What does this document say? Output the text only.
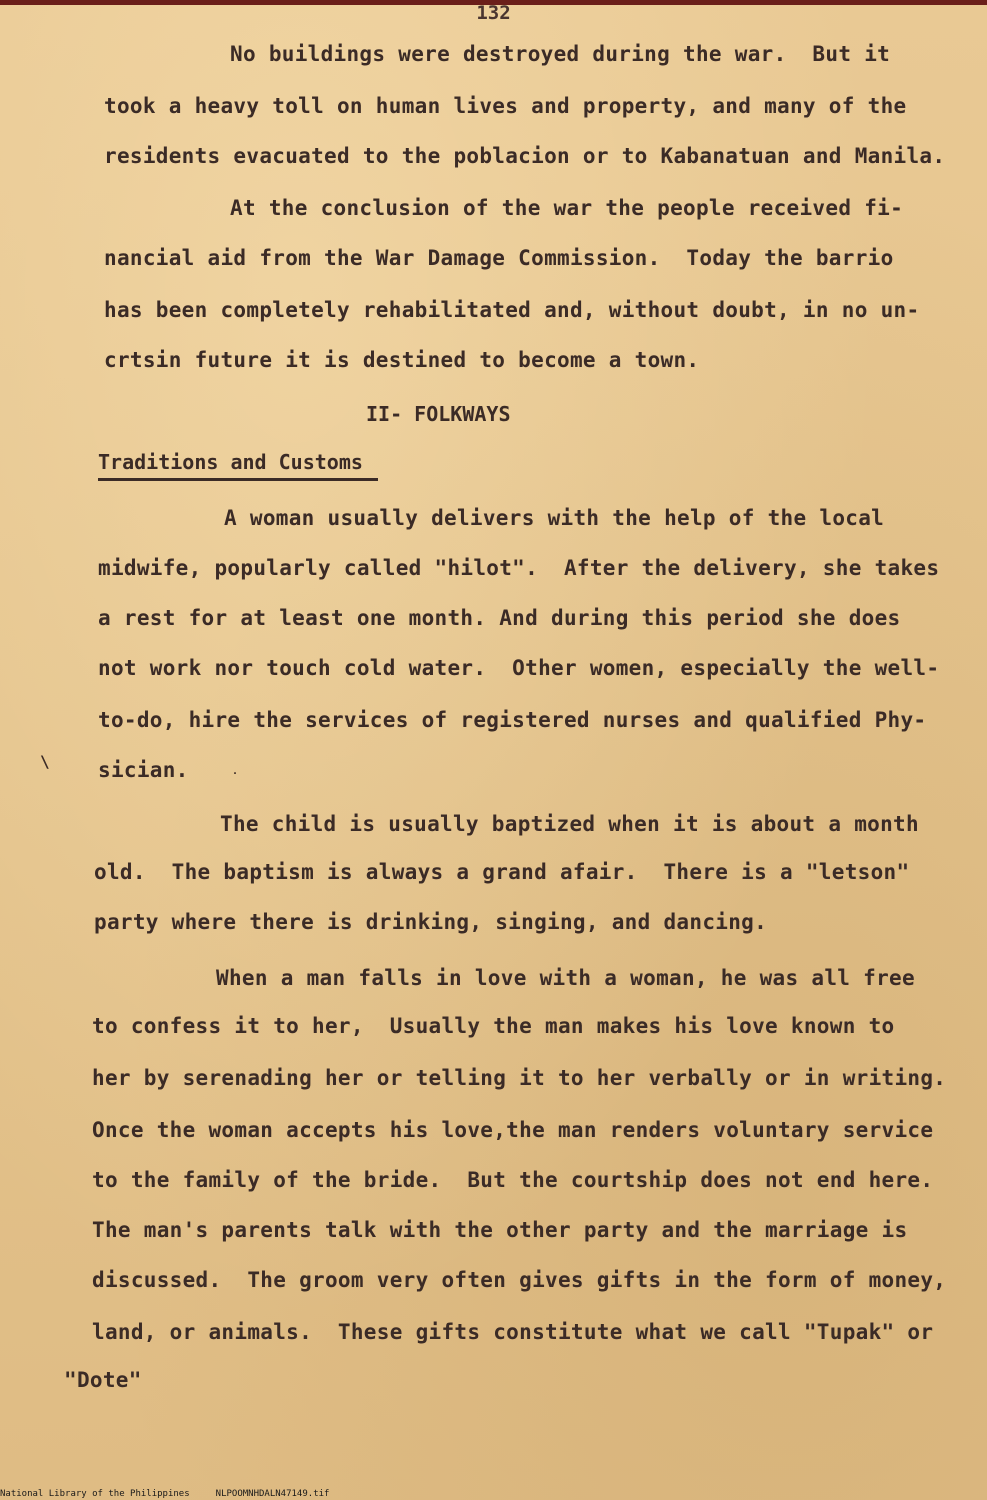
132
No buildings were destroyed during the war.  But it
took a heavy toll on human lives and property, and many of the
residents evacuated to the poblacion or to Kabanatuan and Manila.
At the conclusion of the war the people received fi-
nancial aid from the War Damage Commission.  Today the barrio
has been completely rehabilitated and, without doubt, in no un-
crtsin future it is destined to become a town.
II- FOLKWAYS
Traditions and Customs
A woman usually delivers with the help of the local
midwife, popularly called "hilot".  After the delivery, she takes
a rest for at least one month. And during this period she does
not work nor touch cold water.  Other women, especially the well-
to-do, hire the services of registered nurses and qualified Phy-
sician.
The child is usually baptized when it is about a month
old.  The baptism is always a grand afair.  There is a "letson"
party where there is drinking, singing, and dancing.
When a man falls in love with a woman, he was all free
to confess it to her,  Usually the man makes his love known to
her by serenading her or telling it to her verbally or in writing.
Once the woman accepts his love,the man renders voluntary service
to the family of the bride.  But the courtship does not end here.
The man's parents talk with the other party and the marriage is
discussed.  The groom very often gives gifts in the form of money,
land, or animals.  These gifts constitute what we call "Tupak" or
"Dote"
\
.
National Library of the Philippines	NLPOOMNHDALN47149.tif
